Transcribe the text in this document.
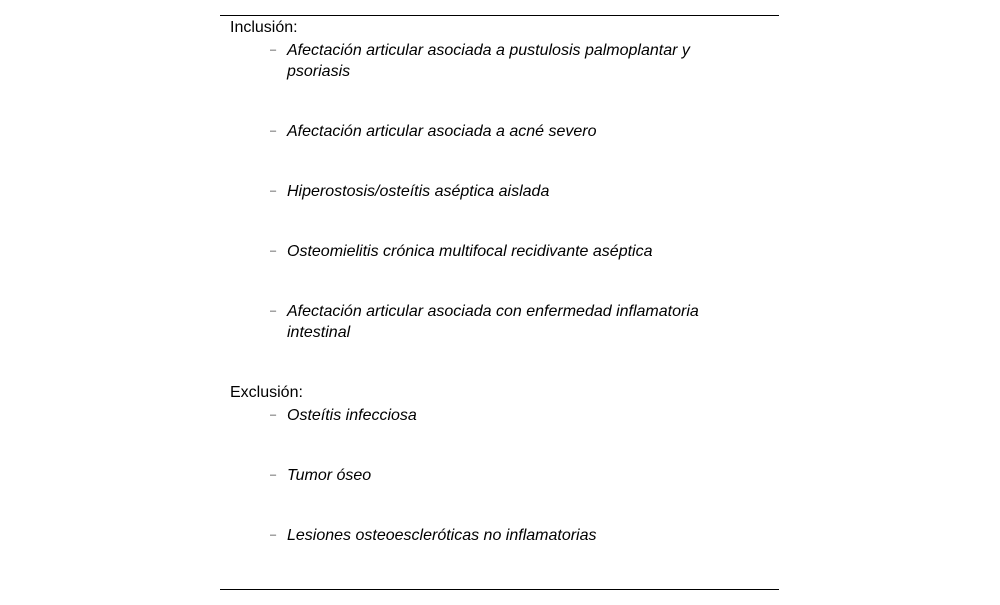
Inclusión:
– Afectación articular asociada a pustulosis palmoplantar y psoriasis
– Afectación articular asociada a acné severo
– Hiperostosis/osteítis aséptica aislada
– Osteomielitis crónica multifocal recidivante aséptica
– Afectación articular asociada con enfermedad inflamatoria intestinal
Exclusión:
– Osteítis infecciosa
– Tumor óseo
– Lesiones osteoescleróticas no inflamatorias
